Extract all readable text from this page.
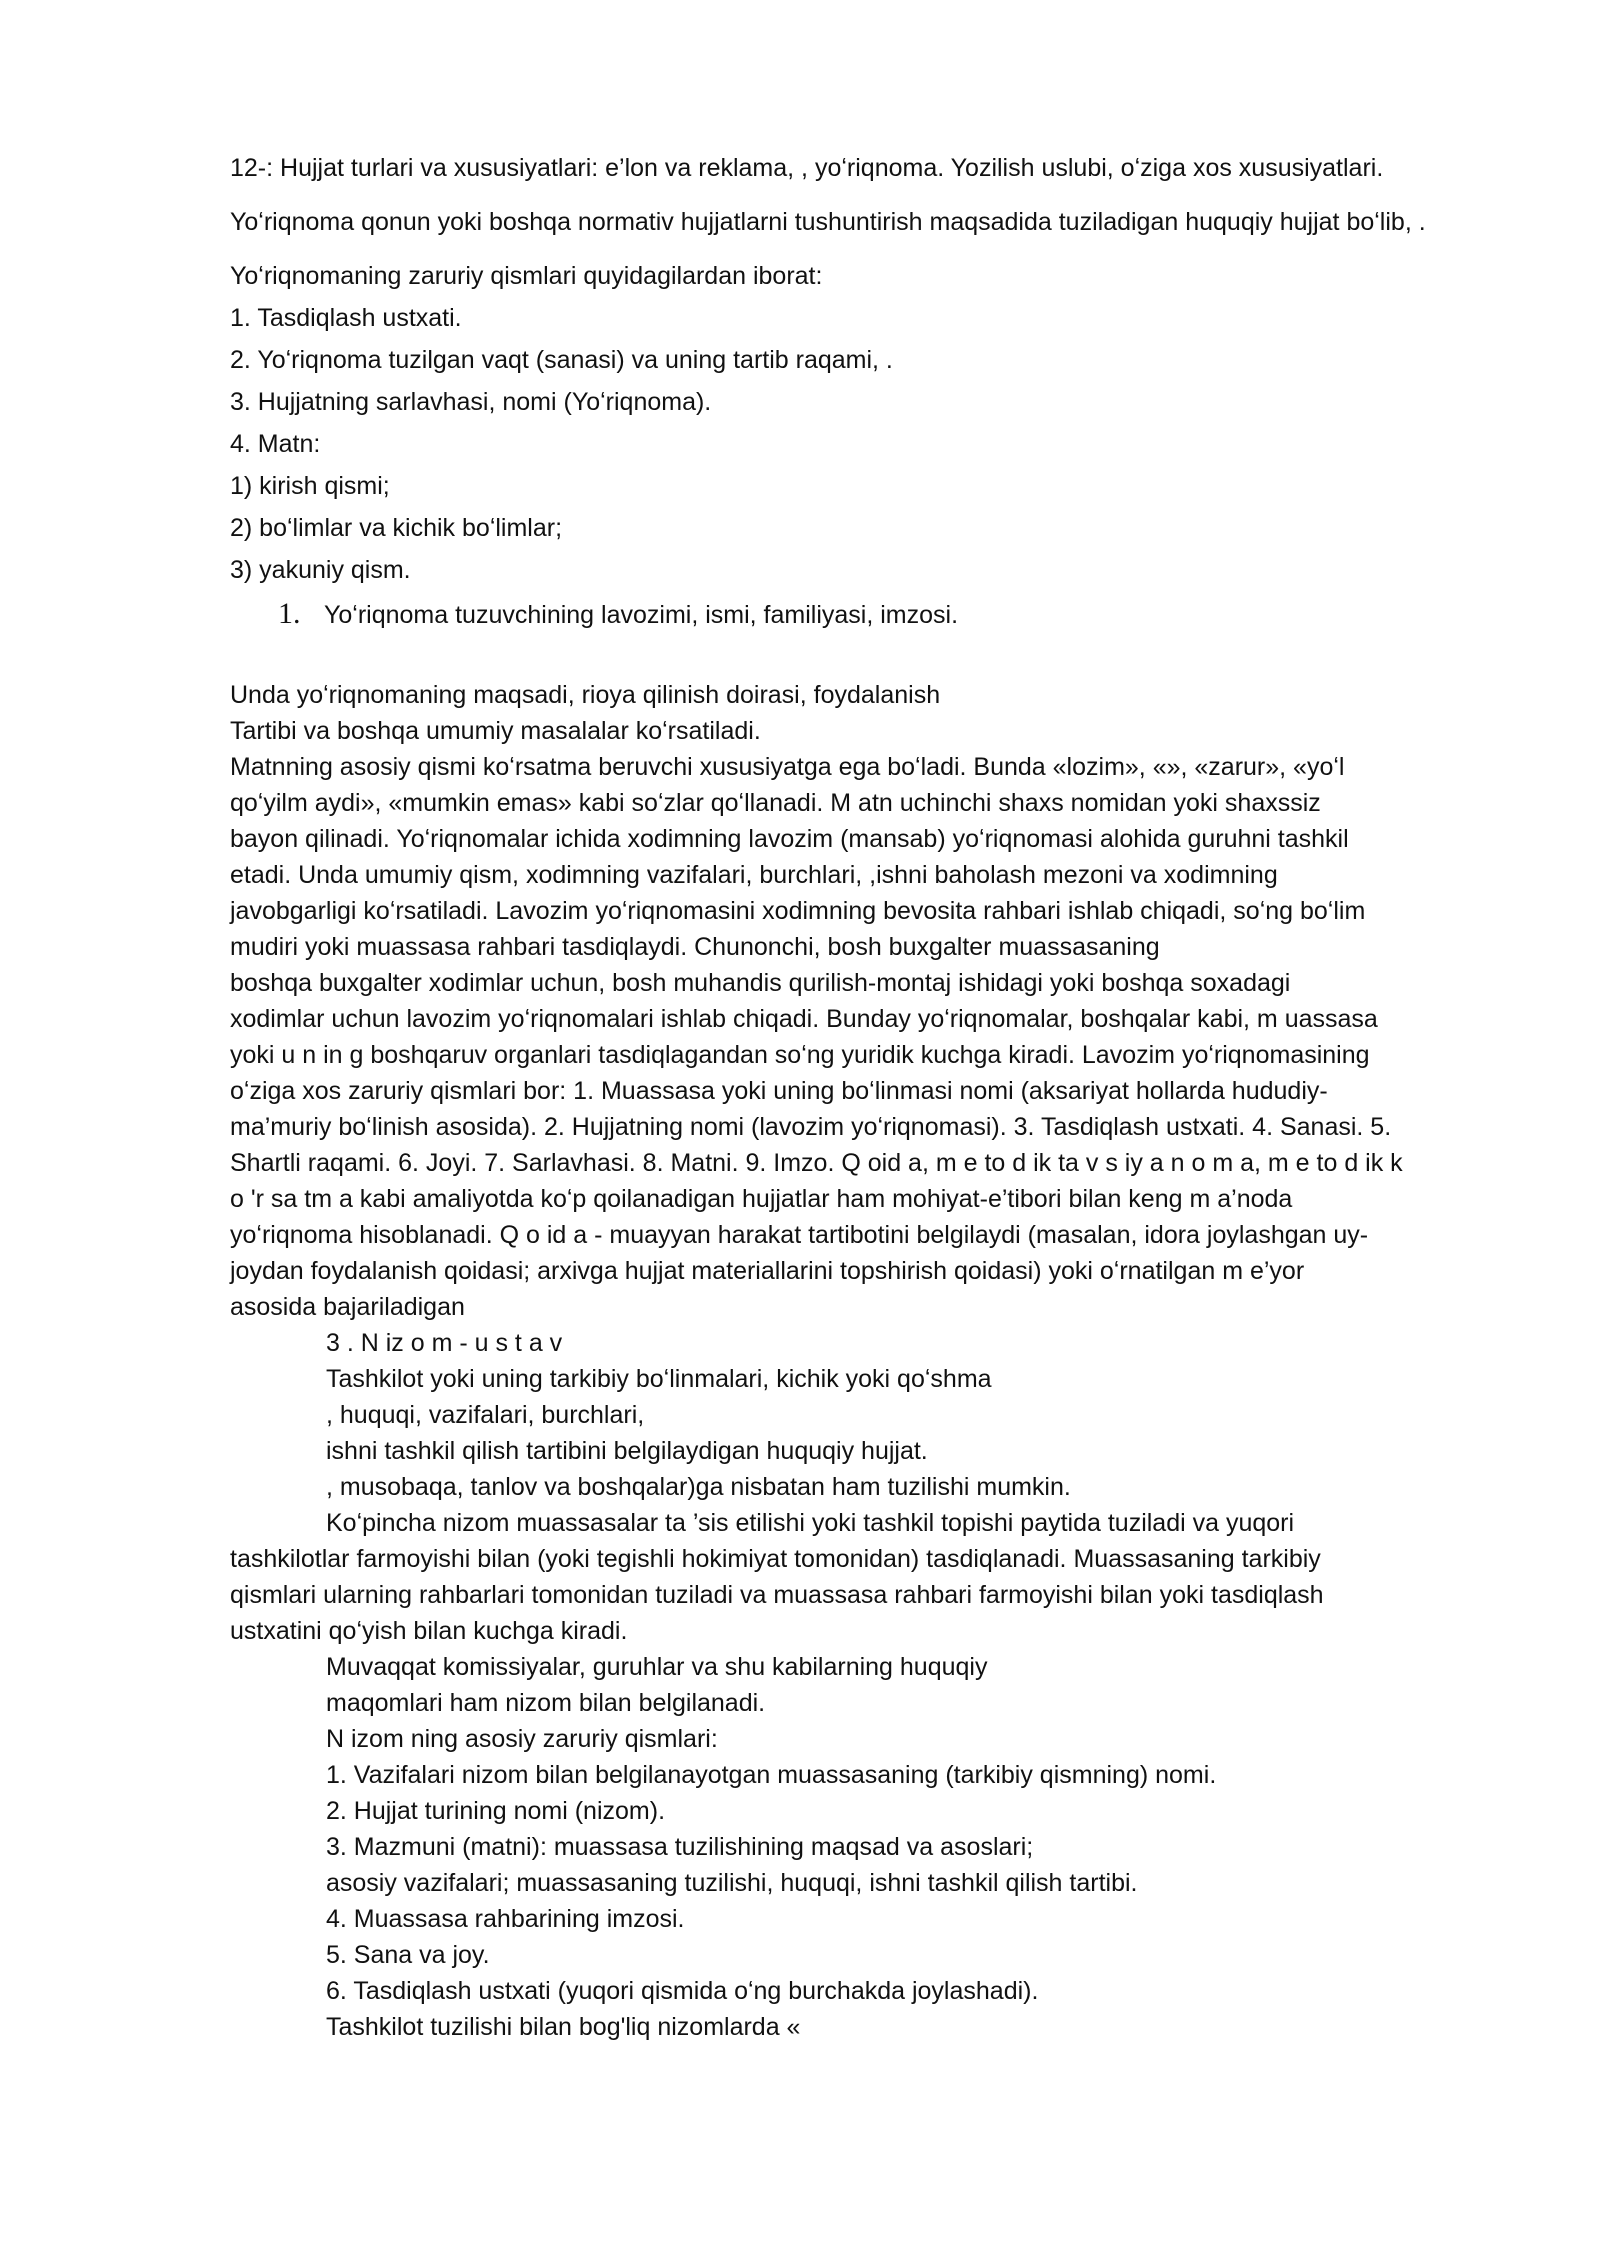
12-: Hujjat turlari va xususiyatlari: e’lon va reklama, , yoʻriqnoma. Yozilish uslubi, oʻziga xos xususiyatlari.

Yoʻriqnoma qonun yoki boshqa normativ hujjatlarni tushuntirish maqsadida tuziladigan huquqiy hujjat boʻlib, .

Yoʻriqnomaning zaruriy qismlari quyidagilardan iborat:

1. Tasdiqlash ustxati.
2. Yoʻriqnoma tuzilgan vaqt (sanasi) va uning tartib raqami, .
3. Hujjatning sarlavhasi, nomi (Yoʻriqnoma).
4. Matn:
1) kirish qismi;
2) boʻlimlar va kichik boʻlimlar;
3) yakuniy qism.
1. Yoʻriqnoma tuzuvchining lavozimi, ismi, familiyasi, imzosi.
Unda yoʻriqnomaning maqsadi, rioya qilinish doirasi, foydalanish
Tartibi va boshqa umumiy masalalar koʻrsatiladi.
Matnning asosiy qismi koʻrsatma beruvchi xususiyatga ega boʻladi. Bunda «lozim», «», «zarur», «yoʻl
qoʻyilm aydi», «mumkin emas» kabi soʻzlar qoʻllanadi. M atn uchinchi shaxs nomidan yoki shaxssiz
bayon qilinadi. Yoʻriqnomalar ichida xodimning lavozim (mansab) yoʻriqnomasi alohida guruhni tashkil
etadi. Unda umumiy qism, xodimning vazifalari, burchlari, ,ishni baholash mezoni va xodimning
javobgarligi koʻrsatiladi. Lavozim yoʻriqnomasini xodimning bevosita rahbari ishlab chiqadi, soʻng boʻlim
mudiri yoki muassasa rahbari tasdiqlaydi. Chunonchi, bosh buxgalter muassasaning
boshqa buxgalter xodimlar uchun, bosh muhandis qurilish-montaj ishidagi yoki boshqa soxadagi
xodimlar uchun lavozim yoʻriqnomalari ishlab chiqadi. Bunday yoʻriqnomalar, boshqalar kabi, m uassasa
yoki u n in g boshqaruv organlari tasdiqlagandan soʻng yuridik kuchga kiradi. Lavozim yoʻriqnomasining
oʻziga xos zaruriy qismlari bor: 1. Muassasa yoki uning boʻlinmasi nomi (aksariyat hollarda hududiy-
ma’muriy boʻlinish asosida). 2. Hujjatning nomi (lavozim yoʻriqnomasi). 3. Tasdiqlash ustxati. 4. Sanasi. 5.
Shartli raqami. 6. Joyi. 7. Sarlavhasi. 8. Matni. 9. Imzo. Q oid a, m e to d ik ta v s iy a n o m a, m e to d ik k
o 'r sa tm a kabi amaliyotda koʻp qoilanadigan hujjatlar ham mohiyat-e’tibori bilan keng m a’noda
yoʻriqnoma hisoblanadi. Q o id a - muayyan harakat tartibotini belgilaydi (masalan, idora joylashgan uy-
joydan foydalanish qoidasi; arxivga hujjat materiallarini topshirish qoidasi) yoki oʻrnatilgan m e’yor
asosida bajariladigan
3 . N iz o m - u s t a v
Tashkilot yoki uning tarkibiy boʻlinmalari, kichik yoki qoʻshma
, huquqi, vazifalari, burchlari,
ishni tashkil qilish tartibini belgilaydigan huquqiy hujjat.
, musobaqa, tanlov va boshqalar)ga nisbatan ham tuzilishi mumkin.
Koʻpincha nizom muassasalar ta ’sis etilishi yoki tashkil topishi paytida tuziladi va yuqori
tashkilotlar farmoyishi bilan (yoki tegishli hokimiyat tomonidan) tasdiqlanadi. Muassasaning tarkibiy
qismlari ularning rahbarlari tomonidan tuziladi va muassasa rahbari farmoyishi bilan yoki tasdiqlash
ustxatini qoʻyish bilan kuchga kiradi.
Muvaqqat komissiyalar, guruhlar va shu kabilarning huquqiy
maqomlari ham nizom bilan belgilanadi.
N izom ning asosiy zaruriy qismlari:
1. Vazifalari nizom bilan belgilanayotgan muassasaning (tarkibiy qismning) nomi.
2. Hujjat turining nomi (nizom).
3. Mazmuni (matni): muassasa tuzilishining maqsad va asoslari;
asosiy vazifalari; muassasaning tuzilishi, huquqi, ishni tashkil qilish tartibi.
4. Muassasa rahbarining imzosi.
5. Sana va joy.
6. Tasdiqlash ustxati (yuqori qismida oʻng burchakda joylashadi).
Tashkilot tuzilishi bilan bog'liq nizomlarda «
